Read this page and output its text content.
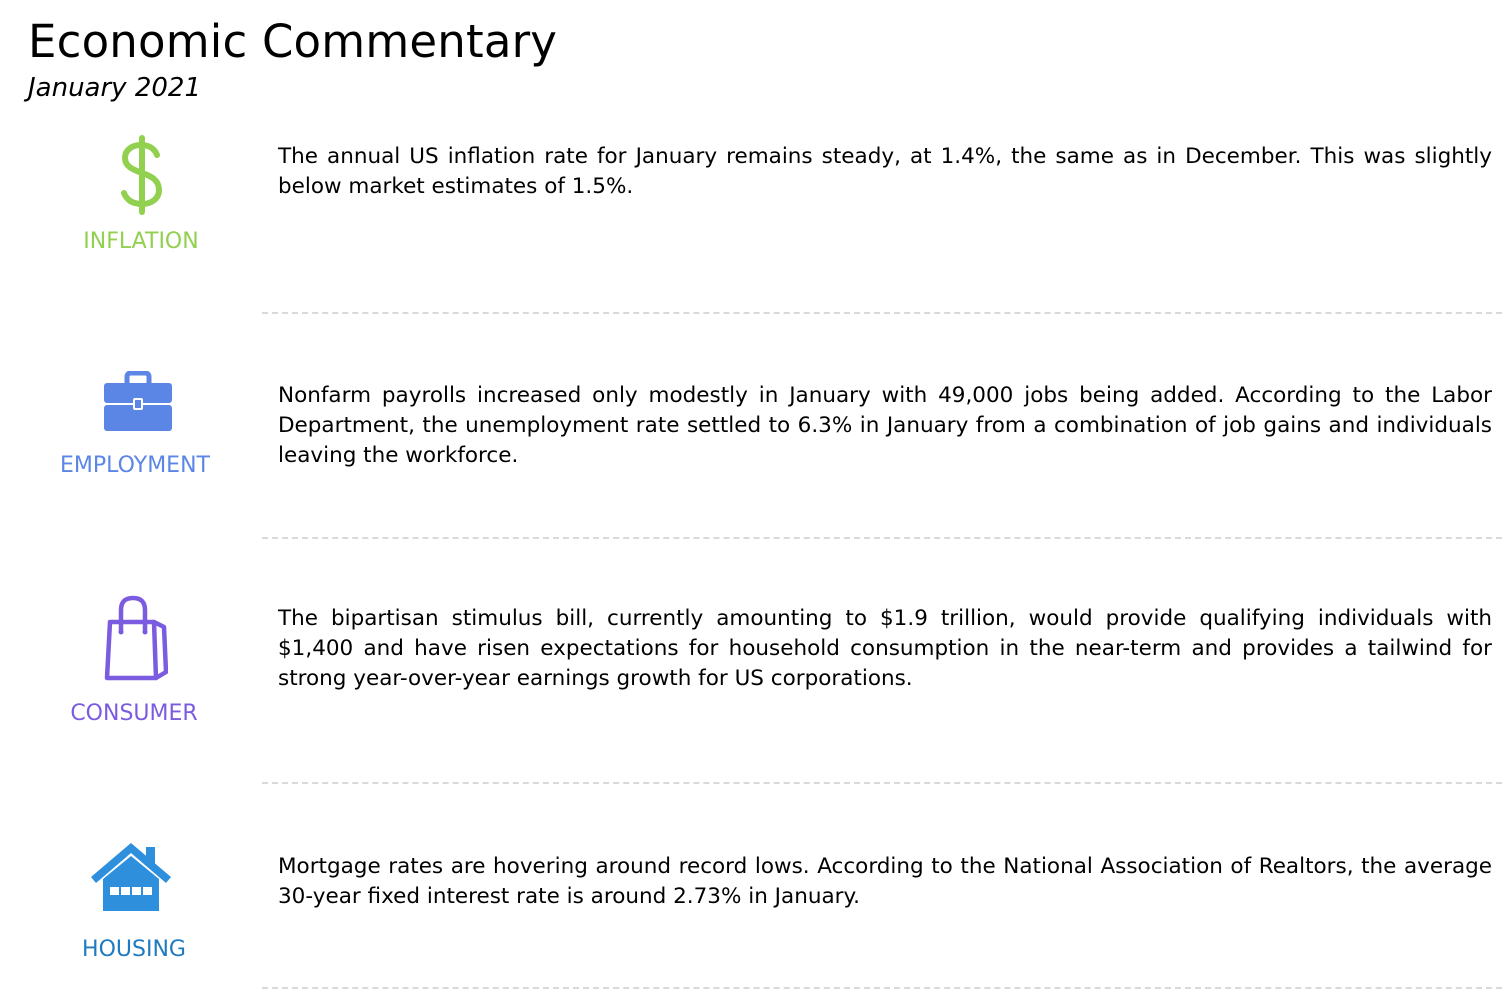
Economic Commentary
January 2021
INFLATION
The annual US inflation rate for January remains steady, at 1.4%, the same as in December. This was slightly below market estimates of 1.5%.
EMPLOYMENT
Nonfarm payrolls increased only modestly in January with 49,000 jobs being added. According to the Labor Department, the unemployment rate settled to 6.3% in January from a combination of job gains and individuals leaving the workforce.
CONSUMER
The bipartisan stimulus bill, currently amounting to $1.9 trillion, would provide qualifying individuals with $1,400 and have risen expectations for household consumption in the near-term and provides a tailwind for strong year-over-year earnings growth for US corporations.
HOUSING
Mortgage rates are hovering around record lows. According to the National Association of Realtors, the average 30-year fixed interest rate is around 2.73% in January.
